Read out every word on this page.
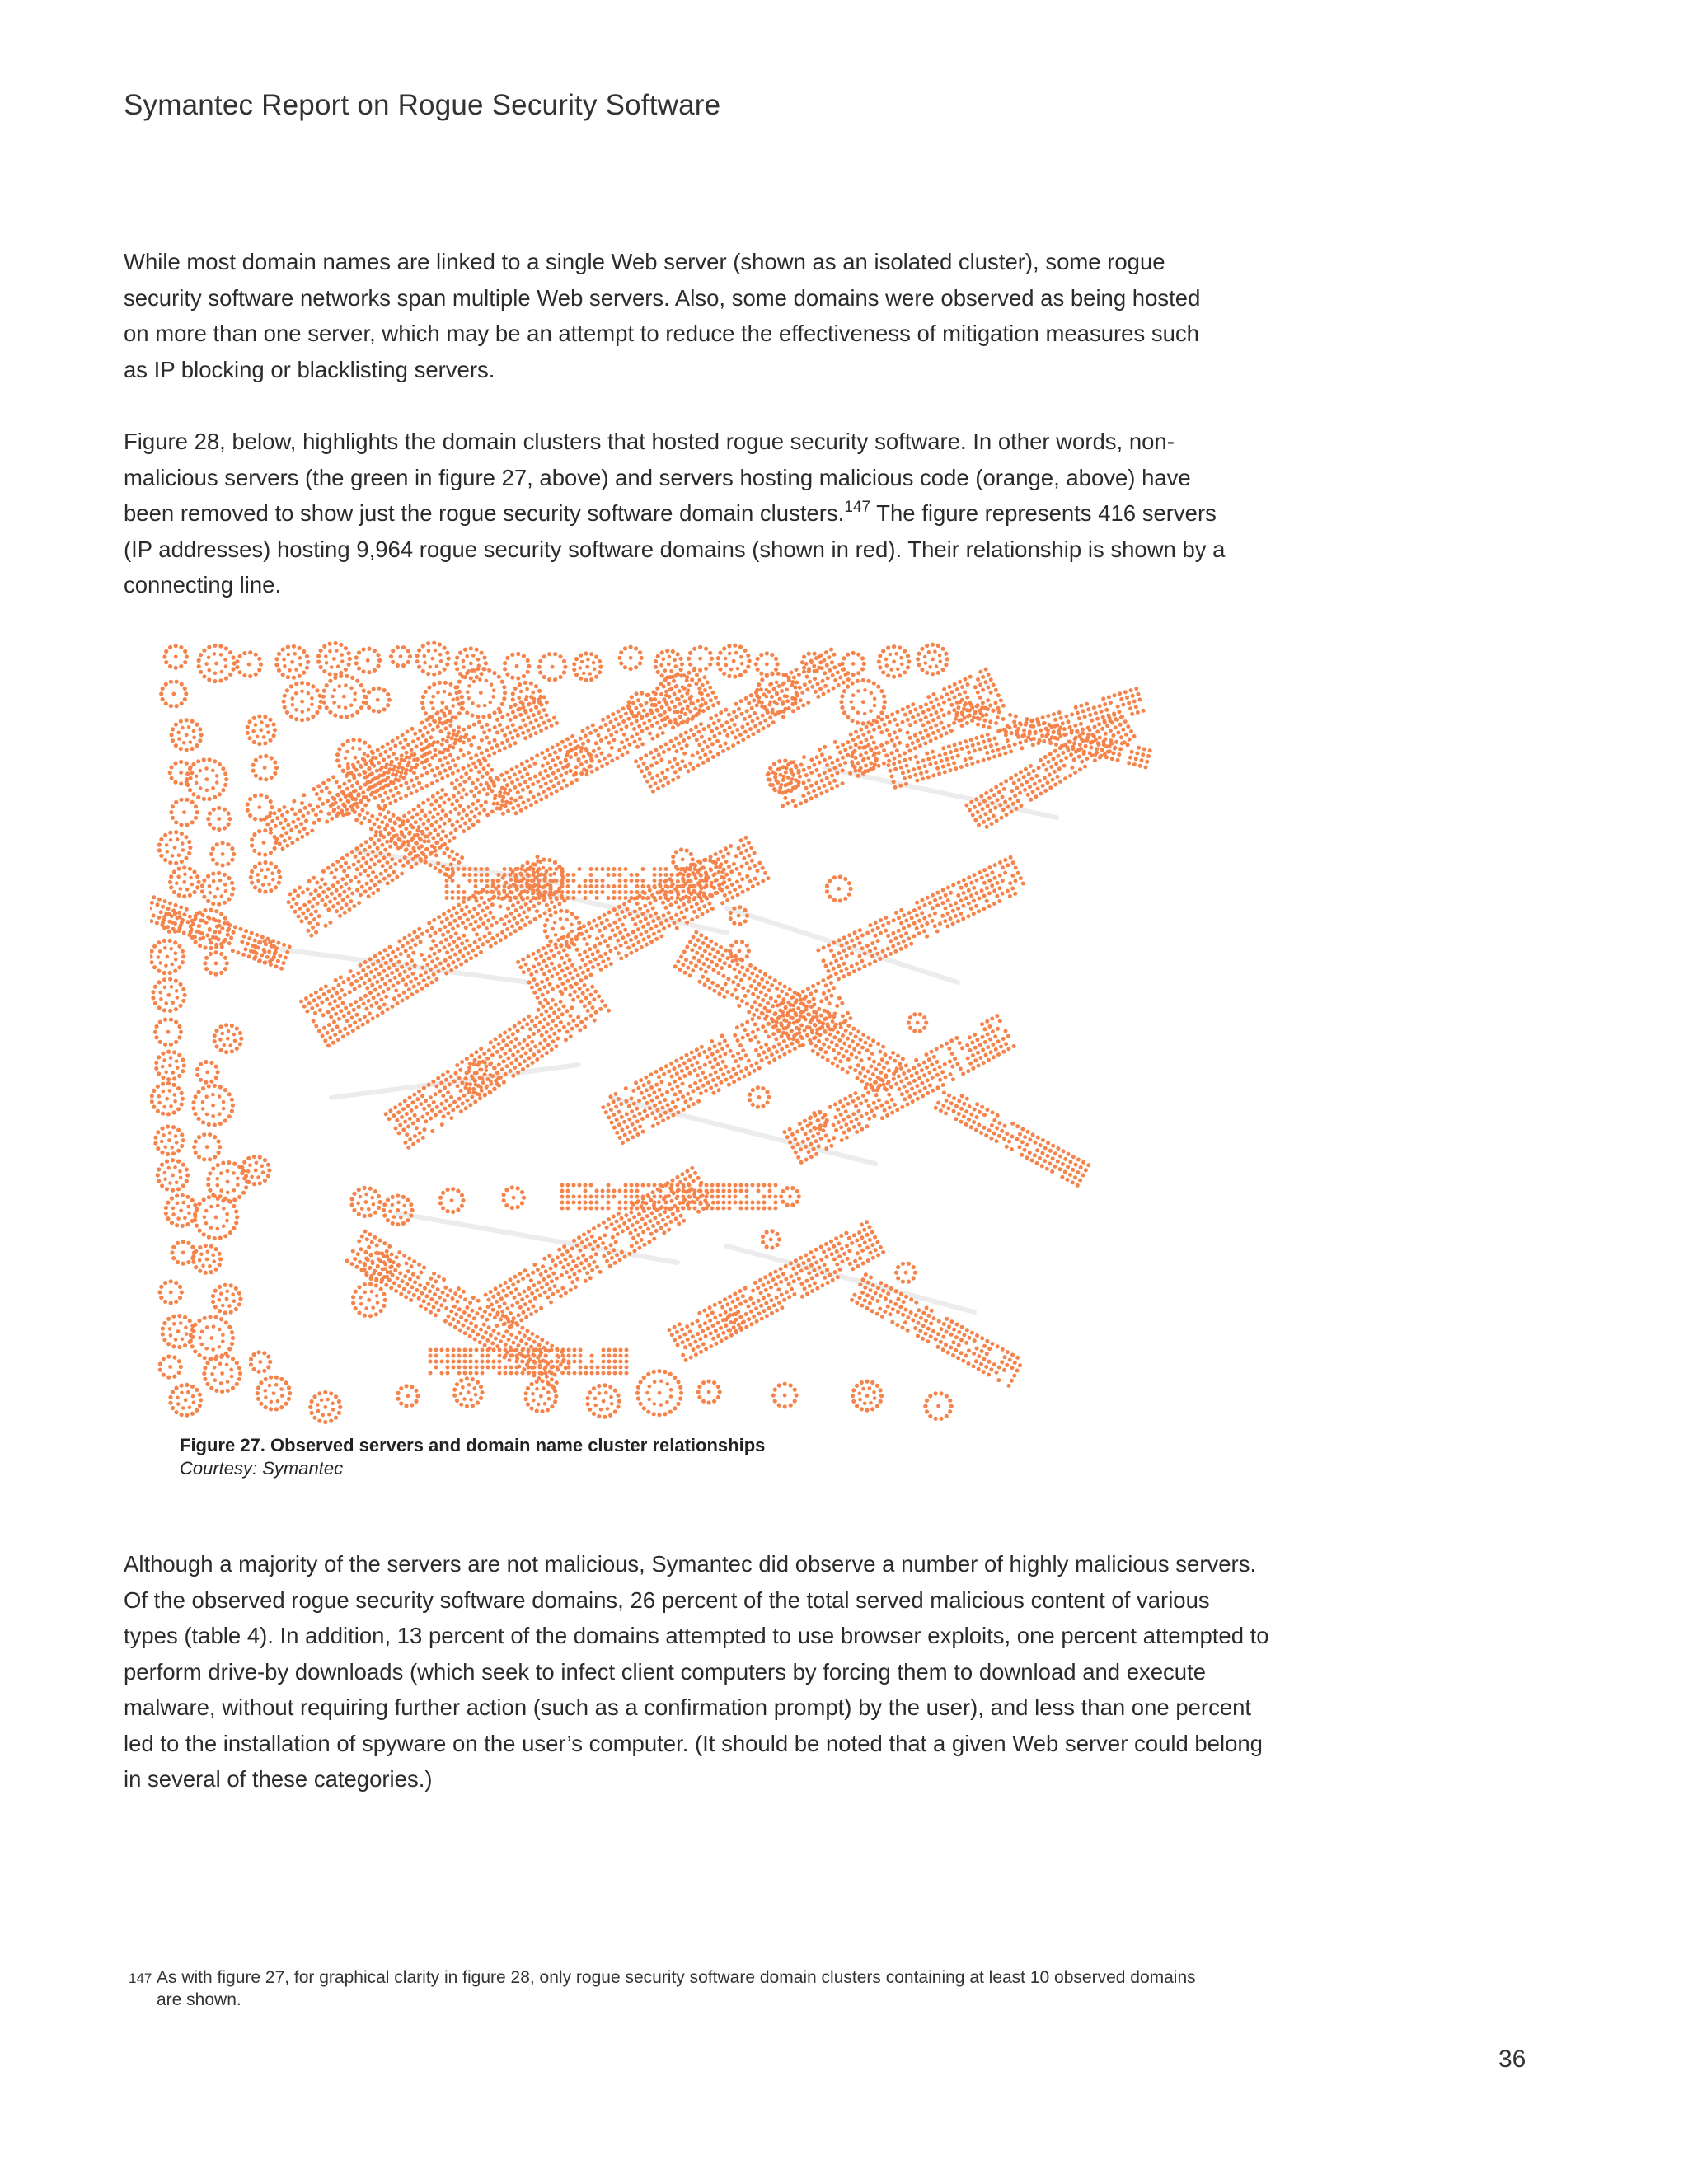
Symantec Report on Rogue Security Software

While most domain names are linked to a single Web server (shown as an isolated cluster), some rogue security software networks span multiple Web servers. Also, some domains were observed as being hosted on more than one server, which may be an attempt to reduce the effectiveness of mitigation measures such as IP blocking or blacklisting servers.

Figure 28, below, highlights the domain clusters that hosted rogue security software. In other words, non-malicious servers (the green in figure 27, above) and servers hosting malicious code (orange, above) have been removed to show just the rogue security software domain clusters.$^{147}$ The figure represents 416 servers (IP addresses) hosting 9,964 rogue security software domains (shown in red). Their relationship is shown by a connecting line.

Figure 27. Observed servers and domain name cluster relationships
Courtesy: Symantec

Although a majority of the servers are not malicious, Symantec did observe a number of highly malicious servers. Of the observed rogue security software domains, 26 percent of the total served malicious content of various types (table 4). In addition, 13 percent of the domains attempted to use browser exploits, one percent attempted to perform drive-by downloads (which seek to infect client computers by forcing them to download and execute malware, without requiring further action (such as a confirmation prompt) by the user), and less than one percent led to the installation of spyware on the user’s computer. (It should be noted that a given Web server could belong in several of these categories.)

147 As with figure 27, for graphical clarity in figure 28, only rogue security software domain clusters containing at least 10 observed domains are shown.
36
